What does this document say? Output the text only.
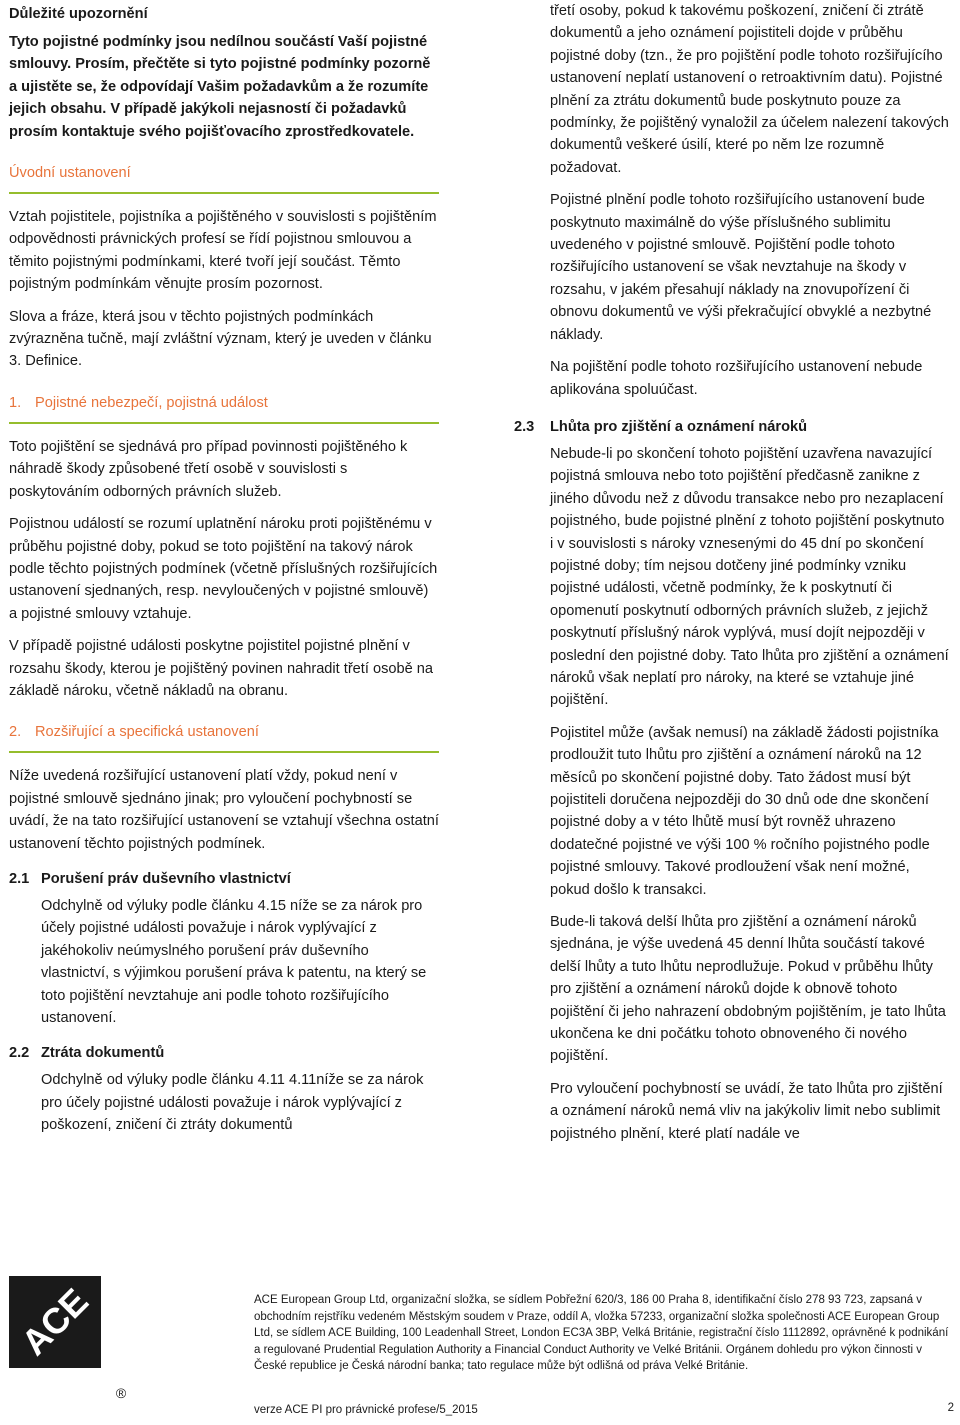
Důležité upozornění

Tyto pojistné podmínky jsou nedílnou součástí Vaší pojistné smlouvy. Prosím, přečtěte si tyto pojistné podmínky pozorně a ujistěte se, že odpovídají Vašim požadavkům a že rozumíte jejich obsahu. V případě jakýkoli nejasností či požadavků prosím kontaktuje svého pojišťovacího zprostředkovatele.

Úvodní ustanovení

Vztah pojistitele, pojistníka a pojištěného v souvislosti s pojištěním odpovědnosti právnických profesí se řídí pojistnou smlouvou a těmito pojistnými podmínkami, které tvoří její součást. Těmto pojistným podmínkám věnujte prosím pozornost.

Slova a fráze, která jsou v těchto pojistných podmínkách zvýrazněna tučně, mají zvláštní význam, který je uveden v článku 3. Definice.

1. Pojistné nebezpečí, pojistná událost

Toto pojištění se sjednává pro případ povinnosti pojištěného k náhradě škody způsobené třetí osobě v souvislosti s poskytováním odborných právních služeb.

Pojistnou událostí se rozumí uplatnění nároku proti pojištěnému v průběhu pojistné doby, pokud se toto pojištění na takový nárok podle těchto pojistných podmínek (včetně příslušných rozšiřujících ustanovení sjednaných, resp. nevyloučených v pojistné smlouvě) a pojistné smlouvy vztahuje.

V případě pojistné události poskytne pojistitel pojistné plnění v rozsahu škody, kterou je pojištěný povinen nahradit třetí osobě na základě nároku, včetně nákladů na obranu.

2. Rozšiřující a specifická ustanovení

Níže uvedená rozšiřující ustanovení platí vždy, pokud není v pojistné smlouvě sjednáno jinak; pro vyloučení pochybností se uvádí, že na tato rozšiřující ustanovení se vztahují všechna ostatní ustanovení těchto pojistných podmínek.

2.1 Porušení práv duševního vlastnictví

Odchylně od výluky podle článku 4.15 níže se za nárok pro účely pojistné události považuje i nárok vyplývající z jakéhokoliv neúmyslného porušení práv duševního vlastnictví, s výjimkou porušení práva k patentu, na který se toto pojištění nevztahuje ani podle tohoto rozšiřujícího ustanovení.

2.2 Ztráta dokumentů

Odchylně od výluky podle článku 4.11 4.11níže se za nárok pro účely pojistné události považuje i nárok vyplývající z poškození, zničení či ztráty dokumentů

třetí osoby, pokud k takovému poškození, zničení či ztrátě dokumentů a jeho oznámení pojistiteli dojde v průběhu pojistné doby (tzn., že pro pojištění podle tohoto rozšiřujícího ustanovení neplatí ustanovení o retroaktivním datu). Pojistné plnění za ztrátu dokumentů bude poskytnuto pouze za podmínky, že pojištěný vynaložil za účelem nalezení takových dokumentů veškeré úsilí, které po něm lze rozumně požadovat.

Pojistné plnění podle tohoto rozšiřujícího ustanovení bude poskytnuto maximálně do výše příslušného sublimitu uvedeného v pojistné smlouvě. Pojištění podle tohoto rozšiřujícího ustanovení se však nevztahuje na škody v rozsahu, v jakém přesahují náklady na znovupořízení či obnovu dokumentů ve výši překračující obvyklé a nezbytné náklady.

Na pojištění podle tohoto rozšiřujícího ustanovení nebude aplikována spoluúčast.

2.3 Lhůta pro zjištění a oznámení nároků

Nebude-li po skončení tohoto pojištění uzavřena navazující pojistná smlouva nebo toto pojištění předčasně zanikne z jiného důvodu než z důvodu transakce nebo pro nezaplacení pojistného, bude pojistné plnění z tohoto pojištění poskytnuto i v souvislosti s nároky vznesenými do 45 dní po skončení pojistné doby; tím nejsou dotčeny jiné podmínky vzniku pojistné události, včetně podmínky, že k poskytnutí či opomenutí poskytnutí odborných právních služeb, z jejichž poskytnutí příslušný nárok vyplývá, musí dojít nejpozději v poslední den pojistné doby. Tato lhůta pro zjištění a oznámení nároků však neplatí pro nároky, na které se vztahuje jiné pojištění.

Pojistitel může (avšak nemusí) na základě žádosti pojistníka prodloužit tuto lhůtu pro zjištění a oznámení nároků na 12 měsíců po skončení pojistné doby. Tato žádost musí být pojistiteli doručena nejpozději do 30 dnů ode dne skončení pojistné doby a v této lhůtě musí být rovněž uhrazeno dodatečné pojistné ve výši 100 % ročního pojistného podle pojistné smlouvy. Takové prodloužení však není možné, pokud došlo k transakci.

Bude-li taková delší lhůta pro zjištění a oznámení nároků sjednána, je výše uvedená 45 denní lhůta součástí takové delší lhůty a tuto lhůtu neprodlužuje. Pokud v průběhu lhůty pro zjištění a oznámení nároků dojde k obnově tohoto pojištění či jeho nahrazení obdobným pojištěním, je tato lhůta ukončena ke dni počátku tohoto obnoveného či nového pojištění.

Pro vyloučení pochybností se uvádí, že tato lhůta pro zjištění a oznámení nároků nemá vliv na jakýkoliv limit nebo sublimit pojistného plnění, které platí nadále ve

ACE
®

ACE European Group Ltd, organizační složka, se sídlem Pobřežní 620/3, 186 00 Praha 8, identifikační číslo 278 93 723, zapsaná v obchodním rejstříku vedeném Městským soudem v Praze, oddíl A, vložka 57233, organizační složka společnosti ACE European Group Ltd, se sídlem ACE Building, 100 Leadenhall Street, London EC3A 3BP, Velká Británie, registrační číslo 1112892, oprávněné k podnikání a regulované Prudential Regulation Authority a Financial Conduct Authority ve Velké Británii. Orgánem dohledu pro výkon činnosti v České republice je Česká národní banka; tato regulace může být odlišná od práva Velké Británie.

verze ACE PI pro právnické profese/5_2015	2
